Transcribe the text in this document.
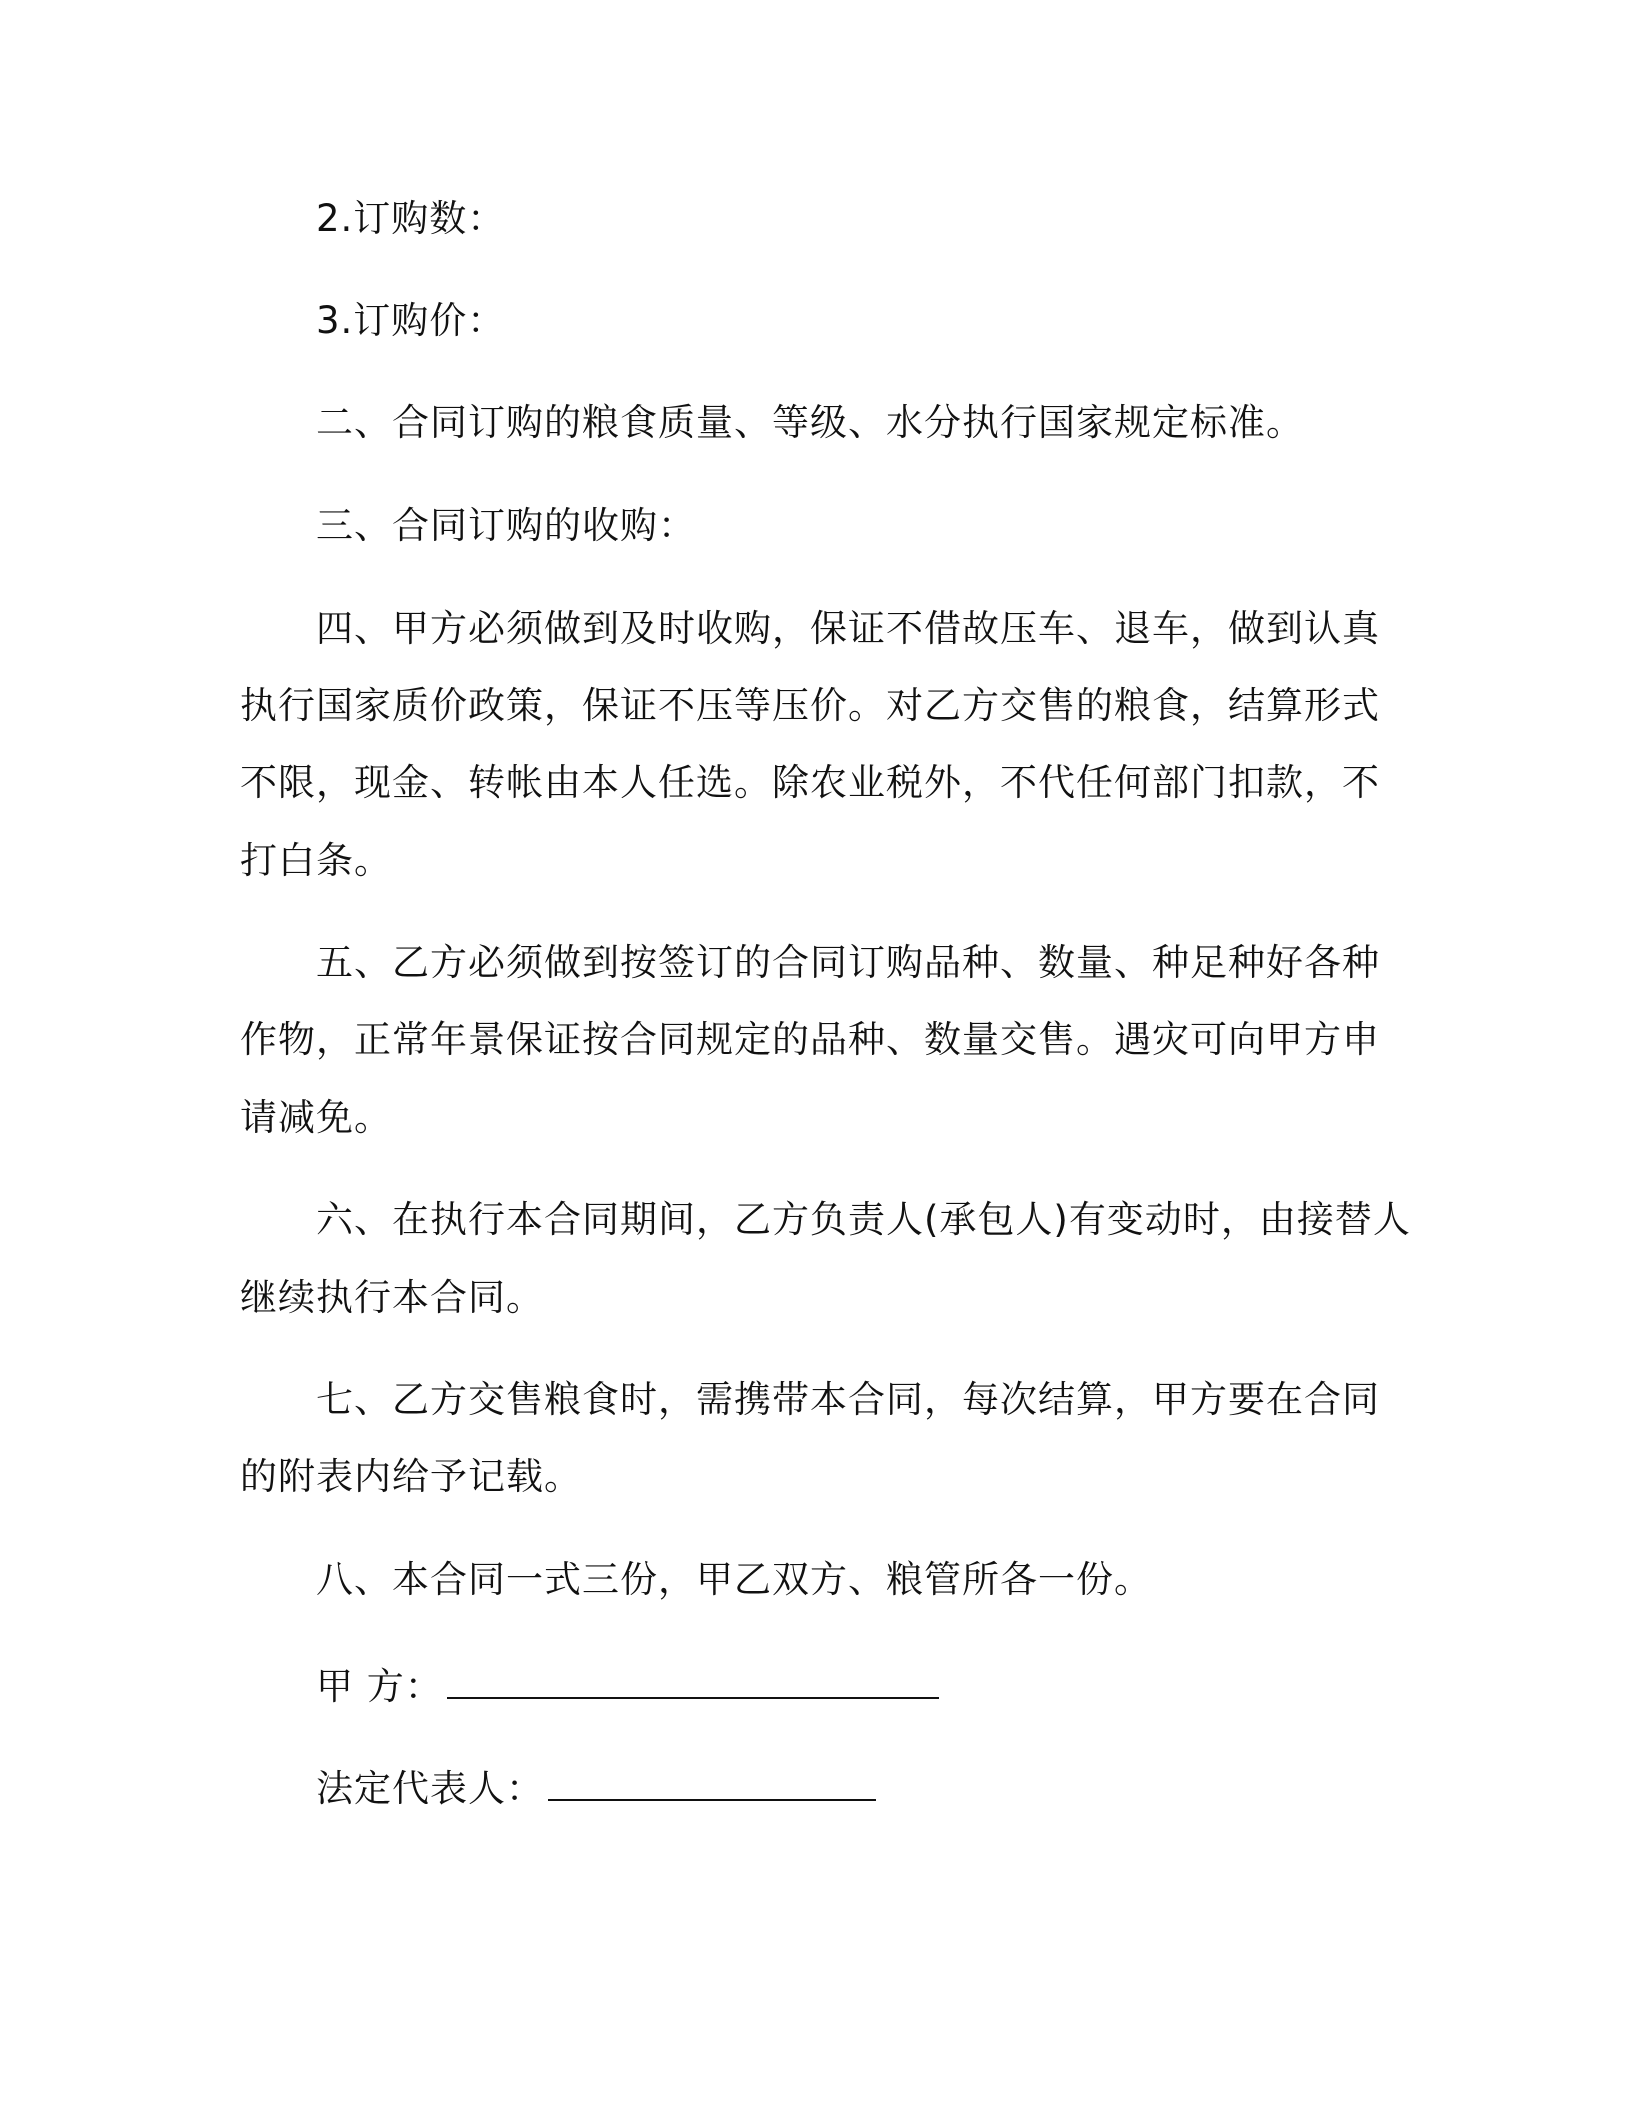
2.订购数：
3.订购价：
二、合同订购的粮食质量、等级、水分执行国家规定标准。
三、合同订购的收购：
四、甲方必须做到及时收购，保证不借故压车、退车，做到认真
执行国家质价政策，保证不压等压价。对乙方交售的粮食，结算形式
不限，现金、转帐由本人任选。除农业税外，不代任何部门扣款，不
打白条。
五、乙方必须做到按签订的合同订购品种、数量、种足种好各种
作物，正常年景保证按合同规定的品种、数量交售。遇灾可向甲方申
请减免。
六、在执行本合同期间，乙方负责人(承包人)有变动时，由接替人
继续执行本合同。
七、乙方交售粮食时，需携带本合同，每次结算，甲方要在合同
的附表内给予记载。
八、本合同一式三份，甲乙双方、粮管所各一份。
甲 方：
法定代表人：
